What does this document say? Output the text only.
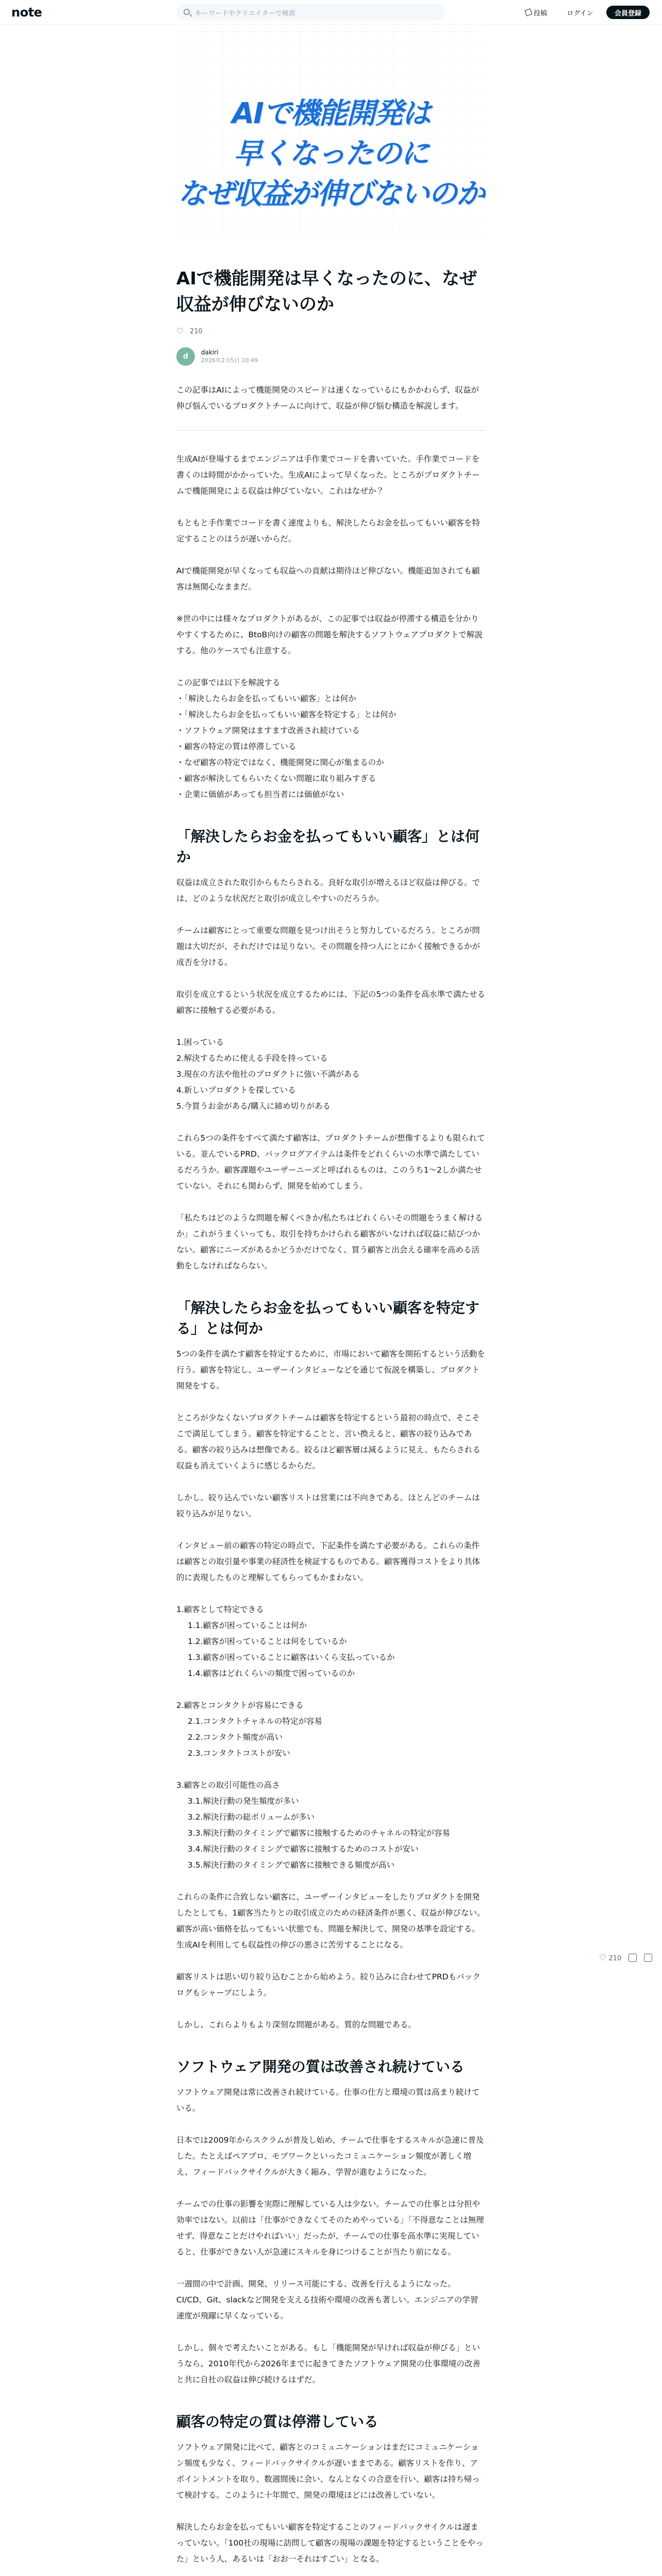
note	キーワードやクリエイターで検索	投稿	ログイン	会員登録
AIで機能開発は
早くなったのに
なぜ収益が伸びないのか
AIで機能開発は早くなったのに、なぜ収益が伸びないのか
♡ 210
d	dakiri
2026年2月5日 10:49

この記事はAIによって機能開発のスピードは速くなっているにもかかわらず、収益が伸び悩んでいるプロダクトチームに向けて、収益が伸び悩む構造を解説します。

生成AIが登場するまでエンジニアは手作業でコードを書いていた。手作業でコードを書くのは時間がかかっていた。生成AIによって早くなった。ところがプロダクトチームで機能開発による収益は伸びていない。これはなぜか？

もともと手作業でコードを書く速度よりも、解決したらお金を払ってもいい顧客を特定することのほうが遅いからだ。

AIで機能開発が早くなっても収益への貢献は期待ほど伸びない。機能追加されても顧客は無関心なままだ。

※世の中には様々なプロダクトがあるが、この記事では収益が停滞する構造を分かりやすくするために、BtoB向けの顧客の問題を解決するソフトウェアプロダクトで解説する。他のケースでも注意する。

この記事では以下を解説する
・「解決したらお金を払ってもいい顧客」とは何か
・「解決したらお金を払ってもいい顧客を特定する」とは何か
・ソフトウェア開発はますます改善され続けている
・顧客の特定の質は停滞している
・なぜ顧客の特定ではなく、機能開発に関心が集まるのか
・顧客が解決してもらいたくない問題に取り組みすぎる
・企業に価値があっても担当者には価値がない
「解決したらお金を払ってもいい顧客」とは何か

収益は成立された取引からもたらされる。良好な取引が増えるほど収益は伸びる。では、どのような状況だと取引が成立しやすいのだろうか。

チームは顧客にとって重要な問題を見つけ出そうと努力しているだろう。ところが問題は大切だが、それだけでは足りない。その問題を持つ人にとにかく接触できるかが成否を分ける。

取引を成立するという状況を成立するためには、下記の5つの条件を高水準で満たせる顧客に接触する必要がある。

1.困っている
2.解決するために使える手段を持っている
3.現在の方法や他社のプロダクトに強い不満がある
4.新しいプロダクトを探している
5.今買うお金がある/購入に締め切りがある

これら5つの条件をすべて満たす顧客は、プロダクトチームが想像するよりも限られている。並んでいるPRD、バックログアイテムは条件をどれくらいの水準で満たしているだろうか。顧客課題やユーザーニーズと呼ばれるものは、このうち1〜2しか満たせていない。それにも関わらず、開発を始めてしまう。

「私たちはどのような問題を解くべきか/私たちはどれくらいその問題をうまく解けるか」これがうまくいっても、取引を持ちかけられる顧客がいなければ収益に結びつかない。顧客にニーズがあるかどうかだけでなく、買う顧客と出会える確率を高める活動をしなければならない。

「解決したらお金を払ってもいい顧客を特定する」とは何か

5つの条件を満たす顧客を特定するために、市場において顧客を開拓するという活動を行う。顧客を特定し、ユーザーインタビューなどを通じて仮説を構築し、プロダクト開発をする。

ところが少なくないプロダクトチームは顧客を特定するという最初の時点で、そこそこで満足してしまう。顧客を特定することと、言い換えると、顧客の絞り込みである。顧客の絞り込みは想像である。絞るほど顧客層は減るように見え、もたらされる収益も消えていくように感じるからだ。

しかし、絞り込んでいない顧客リストは営業には不向きである。ほとんどのチームは絞り込みが足りない。

インタビュー前の顧客の特定の時点で、下記条件を満たす必要がある。これらの条件は顧客との取引量や事業の経済性を検証するものである。顧客獲得コストをより具体的に表現したものと理解してもらってもかまわない。

1.顧客として特定できる
1.1.顧客が困っていることは何か
1.2.顧客が困っていることは何をしているか
1.3.顧客が困っていることに顧客はいくら支払っているか
1.4.顧客はどれくらいの頻度で困っているのか
2.顧客とコンタクトが容易にできる
2.1.コンタクトチャネルの特定が容易
2.2.コンタクト頻度が高い
2.3.コンタクトコストが安い
3.顧客との取引可能性の高さ
3.1.解決行動の発生頻度が多い
3.2.解決行動の総ボリュームが多い
3.3.解決行動のタイミングで顧客に接触するためのチャネルの特定が容易
3.4.解決行動のタイミングで顧客に接触するためのコストが安い
3.5.解決行動のタイミングで顧客に接触できる頻度が高い

これらの条件に合致しない顧客に、ユーザーインタビューをしたりプロダクトを開発したとしても、1顧客当たりとの取引成立のための経済条件が悪く、収益が伸びない。顧客が高い価格を払ってもいい状態でも、問題を解決して、開発の基準を設定する。生成AIを利用しても収益性の伸びの悪さに苦労することになる。

顧客リストは思い切り絞り込むことから始めよう。絞り込みに合わせてPRDもバックログもシャープにしよう。

しかし、これらよりもより深刻な問題がある。質的な問題である。

ソフトウェア開発の質は改善され続けている

ソフトウェア開発は常に改善され続けている。仕事の仕方と環境の質は高まり続けている。

日本では2009年からスクラムが普及し始め、チームで仕事をするスキルが急速に普及した。たとえばペアプロ、モブワークといったコミュニケーション頻度が著しく増え、フィードバックサイクルが大きく縮み、学習が進むようになった。

チームでの仕事の影響を実際に理解している人は少ない。チームでの仕事とは分担や効率ではない。以前は「仕事ができなくてそのためやっている」「不得意なことは無理せず、得意なことだけやればいい」だったが、チームでの仕事を高水準に実現していると、仕事ができない人が急速にスキルを身につけることが当たり前になる。

一週間の中で計画、開発、リリース可能にする、改善を行えるようになった。CI/CD、Git、slackなど開発を支える技術や環境の改善も著しい。エンジニアの学習速度が飛躍に早くなっている。

しかし、個々で考えたいことがある。もし「機能開発が早ければ収益が伸びる」というなら、2010年代から2026年までに起きてきたソフトウェア開発の仕事環境の改善と共に自社の収益は伸び続けるはずだ。

顧客の特定の質は停滞している

ソフトウェア開発に比べて、顧客とのコミュニケーションはまだにコミュニケーション頻度も少なく、フィードバックサイクルが遅いままである。顧客リストを作り、アポイントメントを取り、数週間後に会い、なんとなくの合意を行い、顧客は持ち帰って検討する。このように十年間で、開発の環境ほどには改善していない。

解決したらお金を払ってもいい顧客を特定することのフィードバックサイクルは遅まっていない。「100社の現場に訪問して顧客の現場の課題を特定するということをやった」という人、あるいは「おお一それはすごい」となる。

♡ 210
